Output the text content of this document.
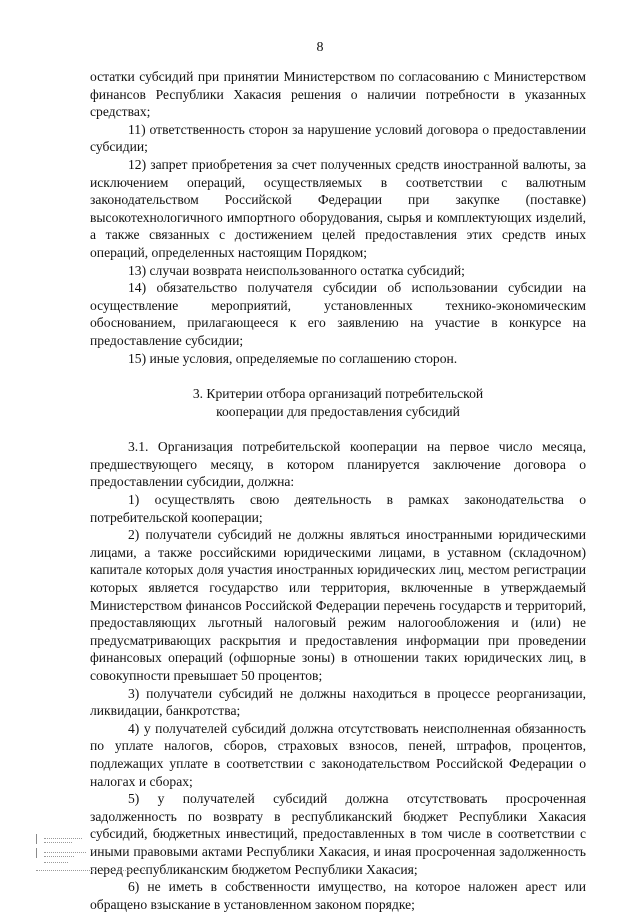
8

остатки субсидий при принятии Министерством по согласованию с Министерством финансов Республики Хакасия решения о наличии потребности в указанных средствах;

11) ответственность сторон за нарушение условий договора о предоставлении субсидии;

12) запрет приобретения за счет полученных средств иностранной валюты, за исключением операций, осуществляемых в соответствии с валютным законодательством Российской Федерации при закупке (поставке) высокотехнологичного импортного оборудования, сырья и комплектующих изделий, а также связанных с достижением целей предоставления этих средств иных операций, определенных настоящим Порядком;

13) случаи возврата неиспользованного остатка субсидий;

14) обязательство получателя субсидии об использовании субсидии на осуществление мероприятий, установленных технико-экономическим обоснованием, прилагающееся к его заявлению на участие в конкурсе на предоставление субсидии;

15) иные условия, определяемые по соглашению сторон.

3. Критерии отбора организаций потребительской
кооперации для предоставления субсидий

3.1. Организация потребительской кооперации на первое число месяца, предшествующего месяцу, в котором планируется заключение договора о предоставлении субсидии, должна:

1) осуществлять свою деятельность в рамках законодательства о потребительской кооперации;

2) получатели субсидий не должны являться иностранными юридическими лицами, а также российскими юридическими лицами, в уставном (складочном) капитале которых доля участия иностранных юридических лиц, местом регистрации которых является государство или территория, включенные в утверждаемый Министерством финансов Российской Федерации перечень государств и территорий, предоставляющих льготный налоговый режим налогообложения и (или) не предусматривающих раскрытия и предоставления информации при проведении финансовых операций (офшорные зоны) в отношении таких юридических лиц, в совокупности превышает 50 процентов;

3) получатели субсидий не должны находиться в процессе реорганизации, ликвидации, банкротства;

4) у получателей субсидий должна отсутствовать неисполненная обязанность по уплате налогов, сборов, страховых взносов, пеней, штрафов, процентов, подлежащих уплате в соответствии с законодательством Российской Федерации о налогах и сборах;

5) у получателей субсидий должна отсутствовать просроченная задолженность по возврату в республиканский бюджет Республики Хакасия субсидий, бюджетных инвестиций, предоставленных в том числе в соответствии с иными правовыми актами Республики Хакасия, и иная просроченная задолженность перед республиканским бюджетом Республики Хакасия;

6) не иметь в собственности имущество, на которое наложен арест или обращено взыскание в установленном законом порядке;
